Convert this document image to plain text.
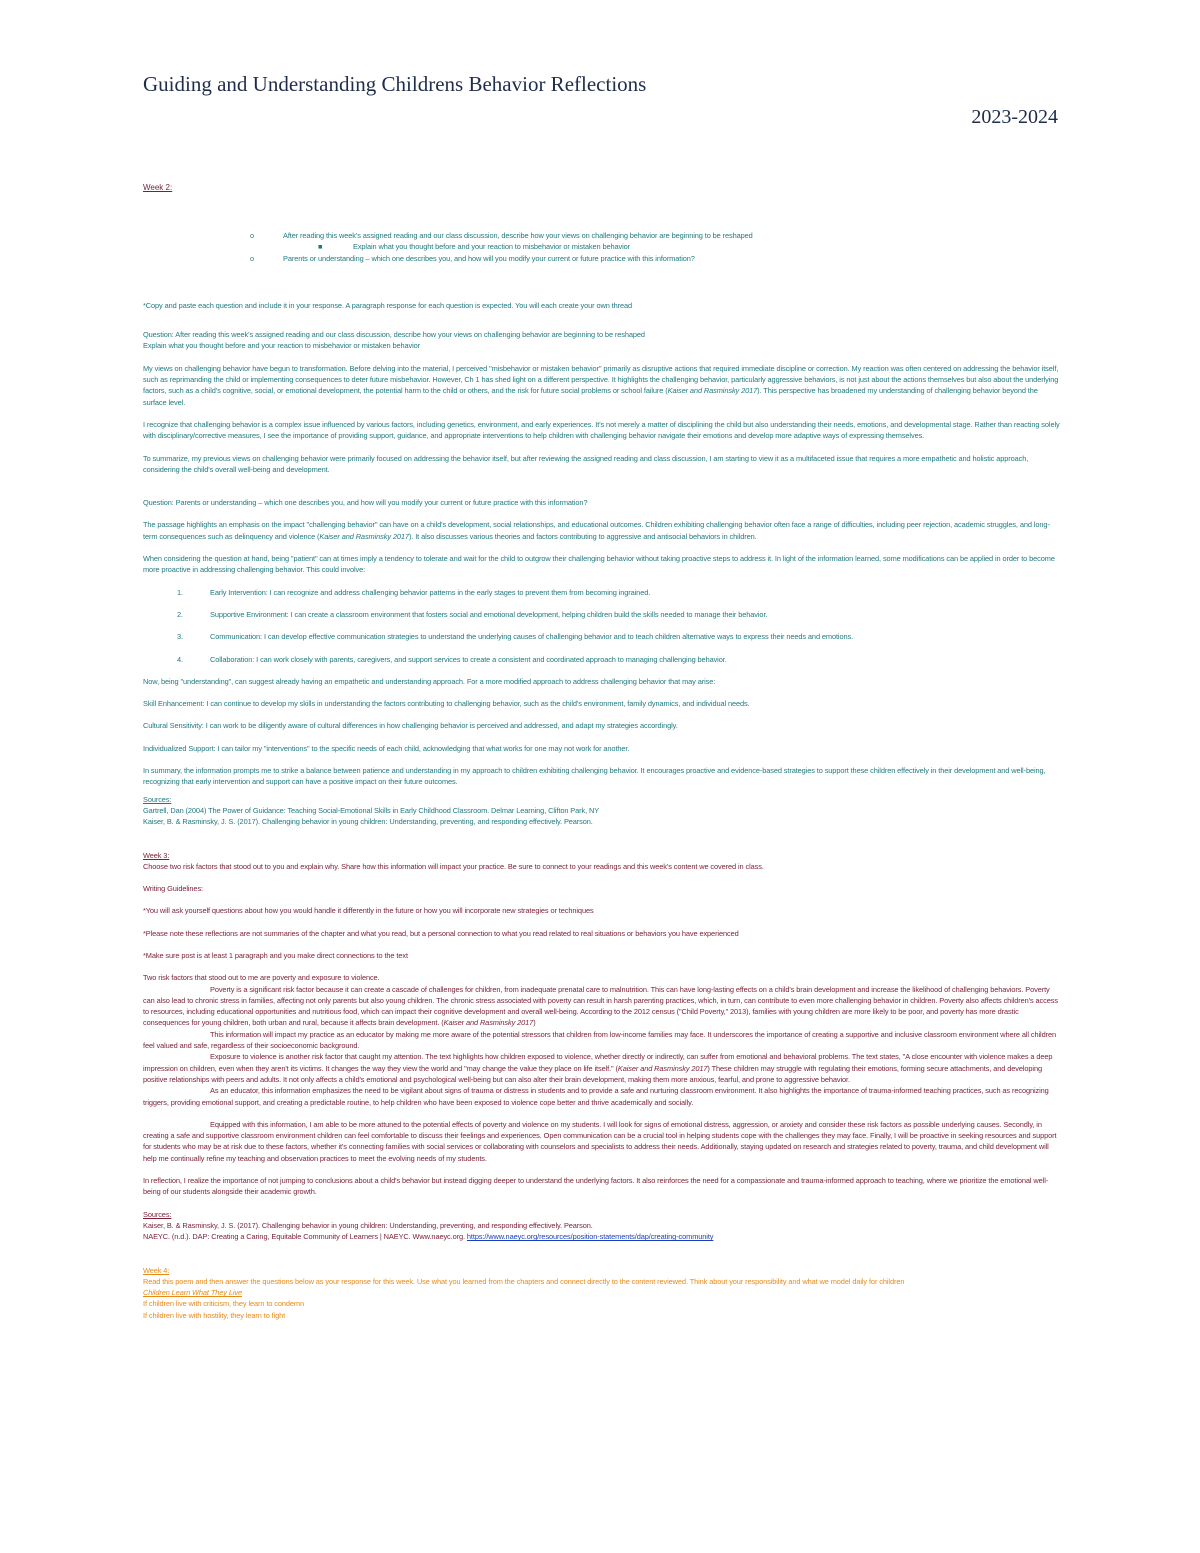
Guiding and Understanding Childrens Behavior Reflections
2023-2024

Week 2:

o	After reading this week's assigned reading and our class discussion, describe how your views on challenging behavior are beginning to be reshaped

■	Explain what you thought before and your reaction to misbehavior or mistaken behavior

o	Parents or understanding – which one describes you, and how will you modify your current or future practice with this information?

*Copy and paste each question and include it in your response. A paragraph response for each question is expected. You will each create your own thread

Question: After reading this week's assigned reading and our class discussion, describe how your views on challenging behavior are beginning to be reshaped

Explain what you thought before and your reaction to misbehavior or mistaken behavior

My views on challenging behavior have begun to transformation. Before delving into the material, I perceived "misbehavior or mistaken behavior" primarily as disruptive actions that required immediate discipline or correction. My reaction was often centered on addressing the behavior itself, such as reprimanding the child or implementing consequences to deter future misbehavior. However, Ch 1 has shed light on a different perspective. It highlights the challenging behavior, particularly aggressive behaviors, is not just about the actions themselves but also about the underlying factors, such as a child's cognitive, social, or emotional development, the potential harm to the child or others, and the risk for future social problems or school failure (Kaiser and Rasminsky 2017). This perspective has broadened my understanding of challenging behavior beyond the surface level.

I recognize that challenging behavior is a complex issue influenced by various factors, including genetics, environment, and early experiences. It's not merely a matter of disciplining the child but also understanding their needs, emotions, and developmental stage. Rather than reacting solely with disciplinary/corrective measures, I see the importance of providing support, guidance, and appropriate interventions to help children with challenging behavior navigate their emotions and develop more adaptive ways of expressing themselves.

To summarize, my previous views on challenging behavior were primarily focused on addressing the behavior itself, but after reviewing the assigned reading and class discussion, I am starting to view it as a multifaceted issue that requires a more empathetic and holistic approach, considering the child's overall well-being and development.

Question: Parents or understanding – which one describes you, and how will you modify your current or future practice with this information?

The passage highlights an emphasis on the impact "challenging behavior" can have on a child's development, social relationships, and educational outcomes. Children exhibiting challenging behavior often face a range of difficulties, including peer rejection, academic struggles, and long-term consequences such as delinquency and violence (Kaiser and Rasminsky 2017). It also discusses various theories and factors contributing to aggressive and antisocial behaviors in children.

When considering the question at hand, being "patient" can at times imply a tendency to tolerate and wait for the child to outgrow their challenging behavior without taking proactive steps to address it. In light of the information learned, some modifications can be applied in order to become more proactive in addressing challenging behavior. This could involve:

1.	Early Intervention: I can recognize and address challenging behavior patterns in the early stages to prevent them from becoming ingrained.

2.	Supportive Environment: I can create a classroom environment that fosters social and emotional development, helping children build the skills needed to manage their behavior.

3.	Communication: I can develop effective communication strategies to understand the underlying causes of challenging behavior and to teach children alternative ways to express their needs and emotions.

4.	Collaboration: I can work closely with parents, caregivers, and support services to create a consistent and coordinated approach to managing challenging behavior.

Now, being "understanding", can suggest already having an empathetic and understanding approach. For a more modified approach to address challenging behavior that may arise:

Skill Enhancement: I can continue to develop my skills in understanding the factors contributing to challenging behavior, such as the child's environment, family dynamics, and individual needs.

Cultural Sensitivity: I can work to be diligently aware of cultural differences in how challenging behavior is perceived and addressed, and adapt my strategies accordingly.

Individualized Support: I can tailor my "interventions" to the specific needs of each child, acknowledging that what works for one may not work for another.

In summary, the information prompts me to strike a balance between patience and understanding in my approach to children exhibiting challenging behavior. It encourages proactive and evidence-based strategies to support these children effectively in their development and well-being, recognizing that early intervention and support can have a positive impact on their future outcomes.

Sources:

Gartrell, Dan (2004) The Power of Guidance: Teaching Social-Emotional Skills in Early Childhood Classroom. Delmar Learning, Clifton Park, NY

Kaiser, B. & Rasminsky, J. S. (2017). Challenging behavior in young children: Understanding, preventing, and responding effectively. Pearson.

Week 3:

Choose two risk factors that stood out to you and explain why. Share how this information will impact your practice. Be sure to connect to your readings and this week's content we covered in class.

Writing Guidelines:

*You will ask yourself questions about how you would handle it differently in the future or how you will incorporate new strategies or techniques

*Please note these reflections are not summaries of the chapter and what you read, but a personal connection to what you read related to real situations or behaviors you have experienced

*Make sure post is at least 1 paragraph and you make direct connections to the text

Two risk factors that stood out to me are poverty and exposure to violence.

Poverty is a significant risk factor because it can create a cascade of challenges for children, from inadequate prenatal care to malnutrition. This can have long-lasting effects on a child's brain development and increase the likelihood of challenging behaviors. Poverty can also lead to chronic stress in families, affecting not only parents but also young children. The chronic stress associated with poverty can result in harsh parenting practices, which, in turn, can contribute to even more challenging behavior in children. Poverty also affects children's access to resources, including educational opportunities and nutritious food, which can impact their cognitive development and overall well-being. According to the 2012 census ("Child Poverty," 2013), families with young children are more likely to be poor, and poverty has more drastic consequences for young children, both urban and rural, because it affects brain development. (Kaiser and Rasminsky 2017)

This information will impact my practice as an educator by making me more aware of the potential stressors that children from low-income families may face. It underscores the importance of creating a supportive and inclusive classroom environment where all children feel valued and safe, regardless of their socioeconomic background.

Exposure to violence is another risk factor that caught my attention. The text highlights how children exposed to violence, whether directly or indirectly, can suffer from emotional and behavioral problems. The text states, "A close encounter with violence makes a deep impression on children, even when they aren't its victims. It changes the way they view the world and "may change the value they place on life itself." (Kaiser and Rasminsky 2017) These children may struggle with regulating their emotions, forming secure attachments, and developing positive relationships with peers and adults. It not only affects a child's emotional and psychological well-being but can also alter their brain development, making them more anxious, fearful, and prone to aggressive behavior.

As an educator, this information emphasizes the need to be vigilant about signs of trauma or distress in students and to provide a safe and nurturing classroom environment. It also highlights the importance of trauma-informed teaching practices, such as recognizing triggers, providing emotional support, and creating a predictable routine, to help children who have been exposed to violence cope better and thrive academically and socially.

Equipped with this information, I am able to be more attuned to the potential effects of poverty and violence on my students. I will look for signs of emotional distress, aggression, or anxiety and consider these risk factors as possible underlying causes. Secondly, in creating a safe and supportive classroom environment children can feel comfortable to discuss their feelings and experiences. Open communication can be a crucial tool in helping students cope with the challenges they may face. Finally, I will be proactive in seeking resources and support for students who may be at risk due to these factors, whether it's connecting families with social services or collaborating with counselors and specialists to address their needs. Additionally, staying updated on research and strategies related to poverty, trauma, and child development will help me continually refine my teaching and observation practices to meet the evolving needs of my students.

In reflection, I realize the importance of not jumping to conclusions about a child's behavior but instead digging deeper to understand the underlying factors. It also reinforces the need for a compassionate and trauma-informed approach to teaching, where we prioritize the emotional well-being of our students alongside their academic growth.

Sources:

Kaiser, B. & Rasminsky, J. S. (2017). Challenging behavior in young children: Understanding, preventing, and responding effectively. Pearson.

NAEYC. (n.d.). DAP: Creating a Caring, Equitable Community of Learners | NAEYC. Www.naeyc.org. https://www.naeyc.org/resources/position-statements/dap/creating-community

Week 4:

Read this poem and then answer the questions below as your response for this week. Use what you learned from the chapters and connect directly to the content reviewed. Think about your responsibility and what we model daily for children

Children Learn What They Live

If children live with criticism, they learn to condemn

If children live with hostility, they learn to fight
